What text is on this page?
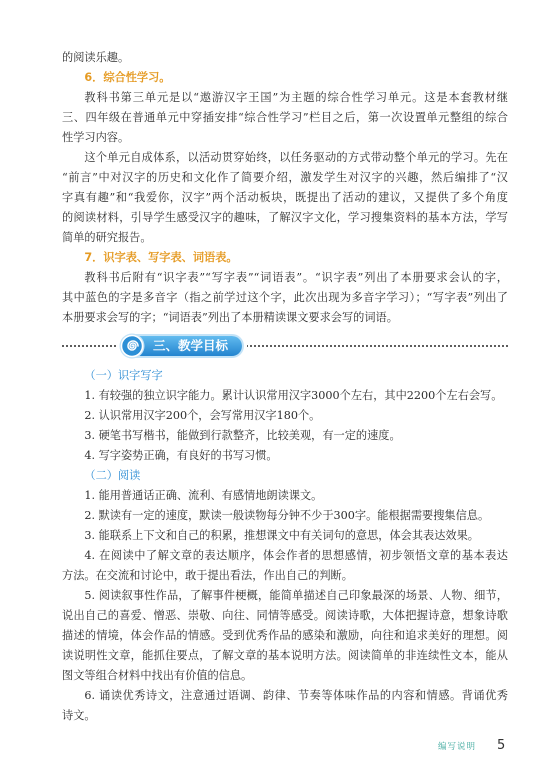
的阅读乐趣。
6．综合性学习。
教科书第三单元是以“遨游汉字王国”为主题的综合性学习单元。这是本套教材继
三、四年级在普通单元中穿插安排“综合性学习”栏目之后，第一次设置单元整组的综合
性学习内容。
这个单元自成体系，以活动贯穿始终，以任务驱动的方式带动整个单元的学习。先在
“前言”中对汉字的历史和文化作了简要介绍，激发学生对汉字的兴趣，然后编排了“汉
字真有趣”和“我爱你，汉字”两个活动板块，既提出了活动的建议，又提供了多个角度
的阅读材料，引导学生感受汉字的趣味，了解汉字文化，学习搜集资料的基本方法，学写
简单的研究报告。
7．识字表、写字表、词语表。
教科书后附有“识字表”“写字表”“词语表”。“识字表”列出了本册要求会认的字，
其中蓝色的字是多音字（指之前学过这个字，此次出现为多音字学习）；“写字表”列出了
本册要求会写的字；“词语表”列出了本册精读课文要求会写的词语。
三、教学目标
（一）识字写字
1. 有较强的独立识字能力。累计认识常用汉字3000个左右，其中2200个左右会写。
2. 认识常用汉字200个，会写常用汉字180个。
3. 硬笔书写楷书，能做到行款整齐，比较美观，有一定的速度。
4. 写字姿势正确，有良好的书写习惯。
（二）阅读
1. 能用普通话正确、流利、有感情地朗读课文。
2. 默读有一定的速度，默读一般读物每分钟不少于300字。能根据需要搜集信息。
3. 能联系上下文和自己的积累，推想课文中有关词句的意思，体会其表达效果。
4. 在阅读中了解文章的表达顺序，体会作者的思想感情，初步领悟文章的基本表达
方法。在交流和讨论中，敢于提出看法，作出自己的判断。
5. 阅读叙事性作品，了解事件梗概，能简单描述自己印象最深的场景、人物、细节，
说出自己的喜爱、憎恶、崇敬、向往、同情等感受。阅读诗歌，大体把握诗意，想象诗歌
描述的情境，体会作品的情感。受到优秀作品的感染和激励，向往和追求美好的理想。阅
读说明性文章，能抓住要点，了解文章的基本说明方法。阅读简单的非连续性文本，能从
图文等组合材料中找出有价值的信息。
6. 诵读优秀诗文，注意通过语调、韵律、节奏等体味作品的内容和情感。背诵优秀
诗文。
编写说明 5
